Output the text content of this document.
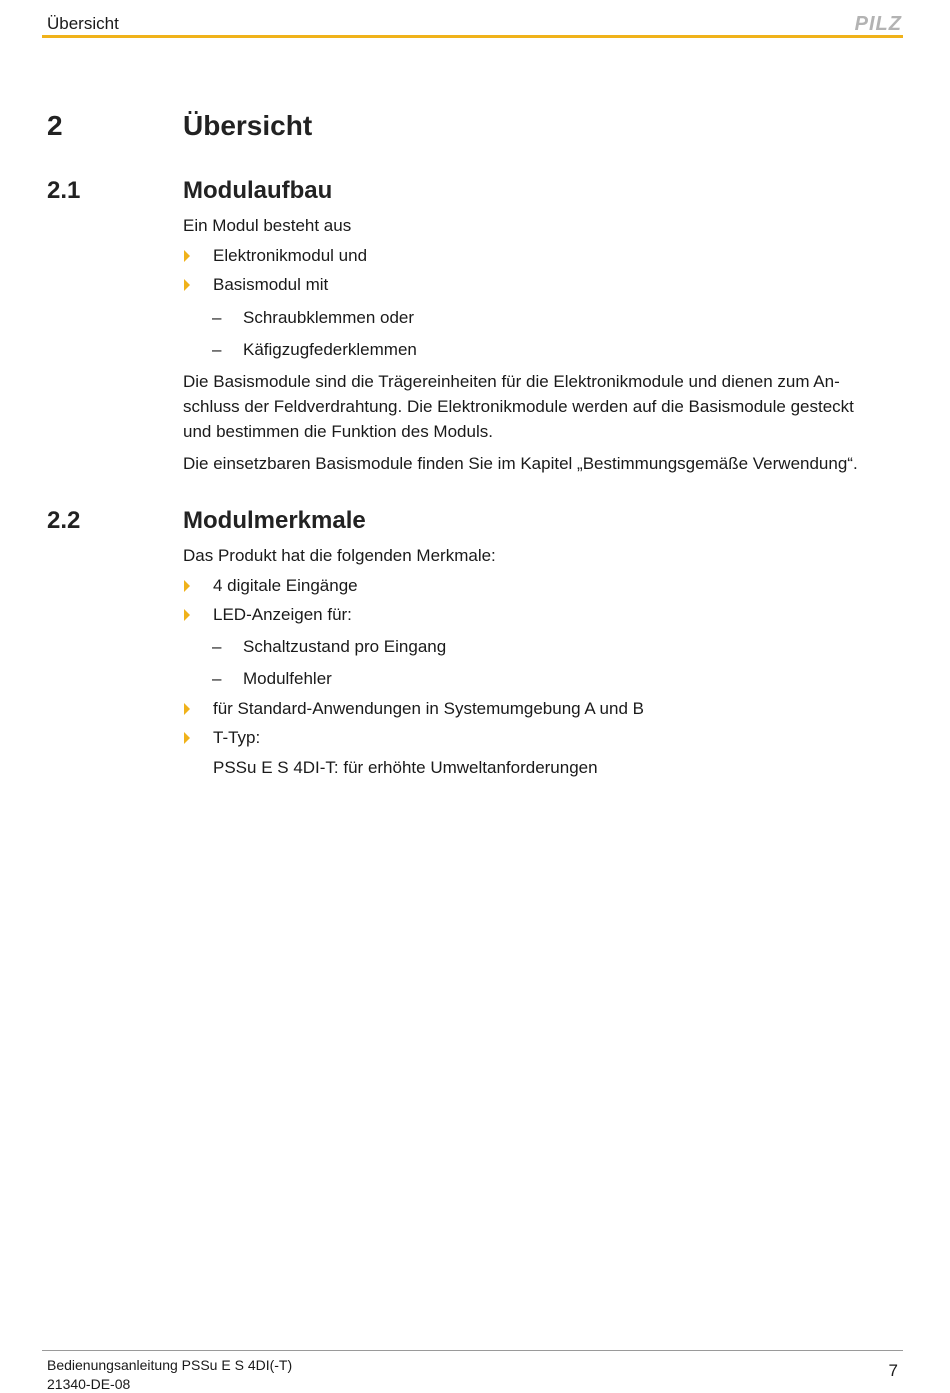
Übersicht	PILZ
2	Übersicht
2.1	Modulaufbau
Ein Modul besteht aus
Elektronikmodul und
Basismodul mit
– Schraubklemmen oder
– Käfigzugfederklemmen
Die Basismodule sind die Trägereinheiten für die Elektronikmodule und dienen zum An-
schluss der Feldverdrahtung. Die Elektronikmodule werden auf die Basismodule gesteckt
und bestimmen die Funktion des Moduls.
Die einsetzbaren Basismodule finden Sie im Kapitel „Bestimmungsgemäße Verwendung“.
2.2	Modulmerkmale
Das Produkt hat die folgenden Merkmale:
4 digitale Eingänge
LED-Anzeigen für:
– Schaltzustand pro Eingang
– Modulfehler
für Standard-Anwendungen in Systemumgebung A und B
T-Typ:
PSSu E S 4DI-T: für erhöhte Umweltanforderungen
Bedienungsanleitung PSSu E S 4DI(-T)
21340-DE-08
7
